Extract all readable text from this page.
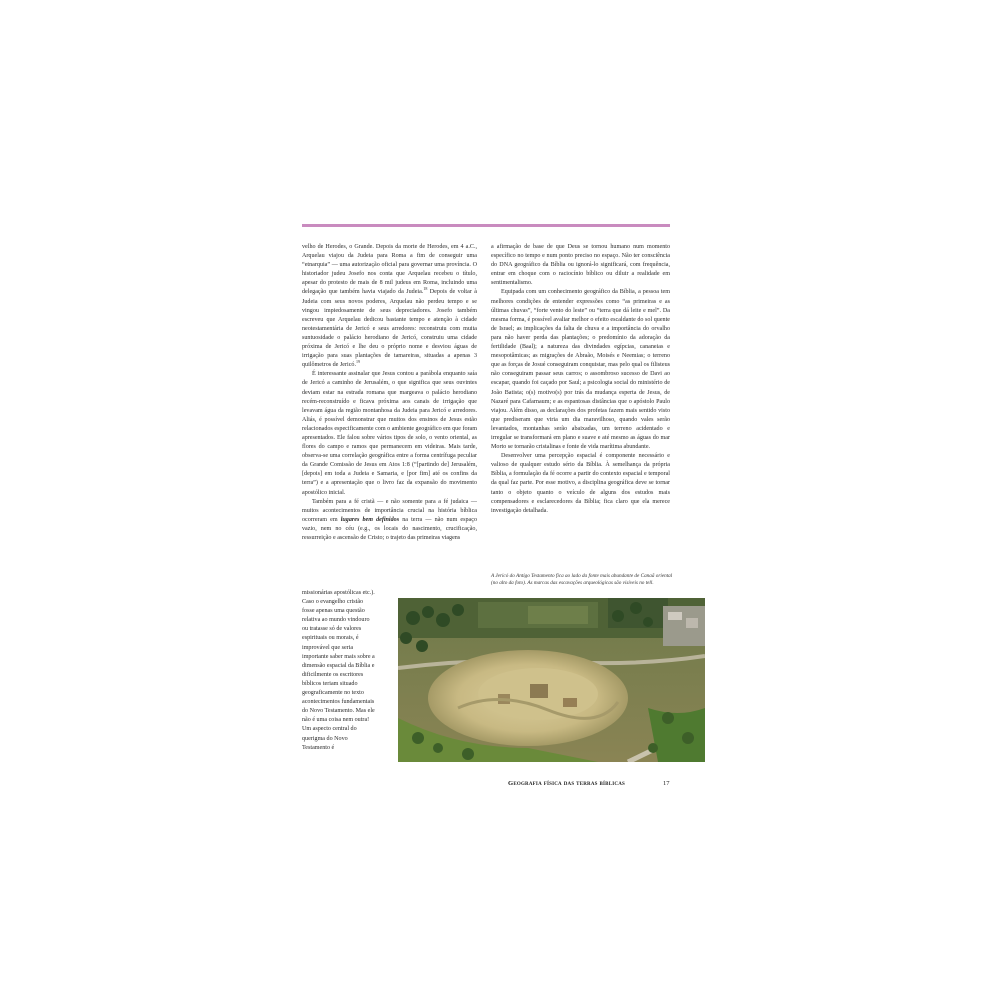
velho de Herodes, o Grande. Depois da morte de Herodes, em 4 a.C., Arquelau viajou da Judeia para Roma a fim de conseguir uma “etnarquia” — uma autorização oficial para governar uma província. O historiador judeu Josefo nos conta que Arquelau recebeu o título, apesar do protesto de mais de 8 mil judeus em Roma, incluindo uma delegação que também havia viajado da Judeia.$^{18}$ Depois de voltar à Judeia com seus novos poderes, Arquelau não perdeu tempo e se vingou impiedosamente de seus depreciadores. Josefo também escreveu que Arquelau dedicou bastante tempo e atenção à cidade neotestamentária de Jericó e seus arredores: reconstruiu com muita suntuosidade o palácio herodiano de Jericó, construiu uma cidade próxima de Jericó e lhe deu o próprio nome e desviou águas de irrigação para suas plantações de tamareiras, situadas a apenas 3 quilômetros de Jericó.$^{19}$

É interessante assinalar que Jesus contou a parábola enquanto saía de Jericó a caminho de Jerusalém, o que significa que seus ouvintes deviam estar na estrada romana que margeava o palácio herodiano recém-reconstruído e ficava próxima aos canais de irrigação que levavam água da região montanhosa da Judeia para Jericó e arredores. Aliás, é possível demonstrar que muitos dos ensinos de Jesus estão relacionados especificamente com o ambiente geográfico em que foram apresentados. Ele falou sobre vários tipos de solo, o vento oriental, as flores do campo e ramos que permanecem em videiras. Mais tarde, observa-se uma correlação geográfica entre a forma centrífuga peculiar da Grande Comissão de Jesus em Atos 1:8 (“[partindo de] Jerusalém, [depois] em toda a Judeia e Samaria, e [por fim] até os confins da terra”) e a apresentação que o livro faz da expansão do movimento apostólico inicial.

Também para a fé cristã — e não somente para a fé judaica — muitos acontecimentos de importância crucial na história bíblica ocorreram em lugares bem definidos na terra — não num espaço vazio, nem no céu (e.g., os locais do nascimento, crucificação, ressurreição e ascensão de Cristo; o trajeto das primeiras viagens

missionárias apostólicas etc.). Caso o evangelho cristão fosse apenas uma questão relativa ao mundo vindouro ou tratasse só de valores espirituais ou morais, é improvável que seria importante saber mais sobre a dimensão espacial da Bíblia e dificilmente os escritores bíblicos teriam situado geograficamente no texto acontecimentos fundamentais do Novo Testamento. Mas ele não é uma coisa nem outra! Um aspecto central do querigma do Novo Testamento é

a afirmação de base de que Deus se tornou humano num momento específico no tempo e num ponto preciso no espaço. Não ter consciência do DNA geográfico da Bíblia ou ignorá-lo significará, com frequência, entrar em choque com o raciocínio bíblico ou diluir a realidade em sentimentalismo.

Equipada com um conhecimento geográfico da Bíblia, a pessoa tem melhores condições de entender expressões como “as primeiras e as últimas chuvas”, “forte vento do leste” ou “terra que dá leite e mel”. Da mesma forma, é possível avaliar melhor o efeito escaldante do sol quente de Israel; as implicações da falta de chuva e a importância do orvalho para não haver perda das plantações; o predomínio da adoração da fertilidade (Baal); a natureza das divindades egípcias, cananeias e mesopotâmicas; as migrações de Abraão, Moisés e Neemias; o terreno que as forças de Josué conseguiram conquistar, mas pelo qual os filisteus não conseguiram passar seus carros; o assombroso sucesso de Davi ao escapar, quando foi caçado por Saul; a psicologia social do ministério de João Batista; o(s) motivo(s) por trás da mudança esperta de Jesus, de Nazaré para Cafarnaum; e as espantosas distâncias que o apóstolo Paulo viajou. Além disso, as declarações dos profetas fazem mais sentido visto que prediseram que viria um dia maravilhoso, quando vales serão levantados, montanhas serão abaixadas, um terreno acidentado e irregular se transformará em plano e suave e até mesmo as águas do mar Morto se tornarão cristalinas e fonte de vida marítima abundante.

Desenvolver uma percepção espacial é componente necessário e valioso de qualquer estudo sério da Bíblia. À semelhança da própria Bíblia, a formulação da fé ocorre a partir do contexto espacial e temporal da qual faz parte. Por esse motivo, a disciplina geográfica deve se tornar tanto o objeto quanto o veículo de alguns dos estudos mais compensadores e esclarecedores da Bíblia; fica claro que ela merece investigação detalhada.

A Jericó do Antigo Testamento fica ao lado da fonte mais abundante de Canaã oriental (no alto da foto). As marcas das escavações arqueológicas são visíveis no tell.
Geografia física das terras bíblicas	17
